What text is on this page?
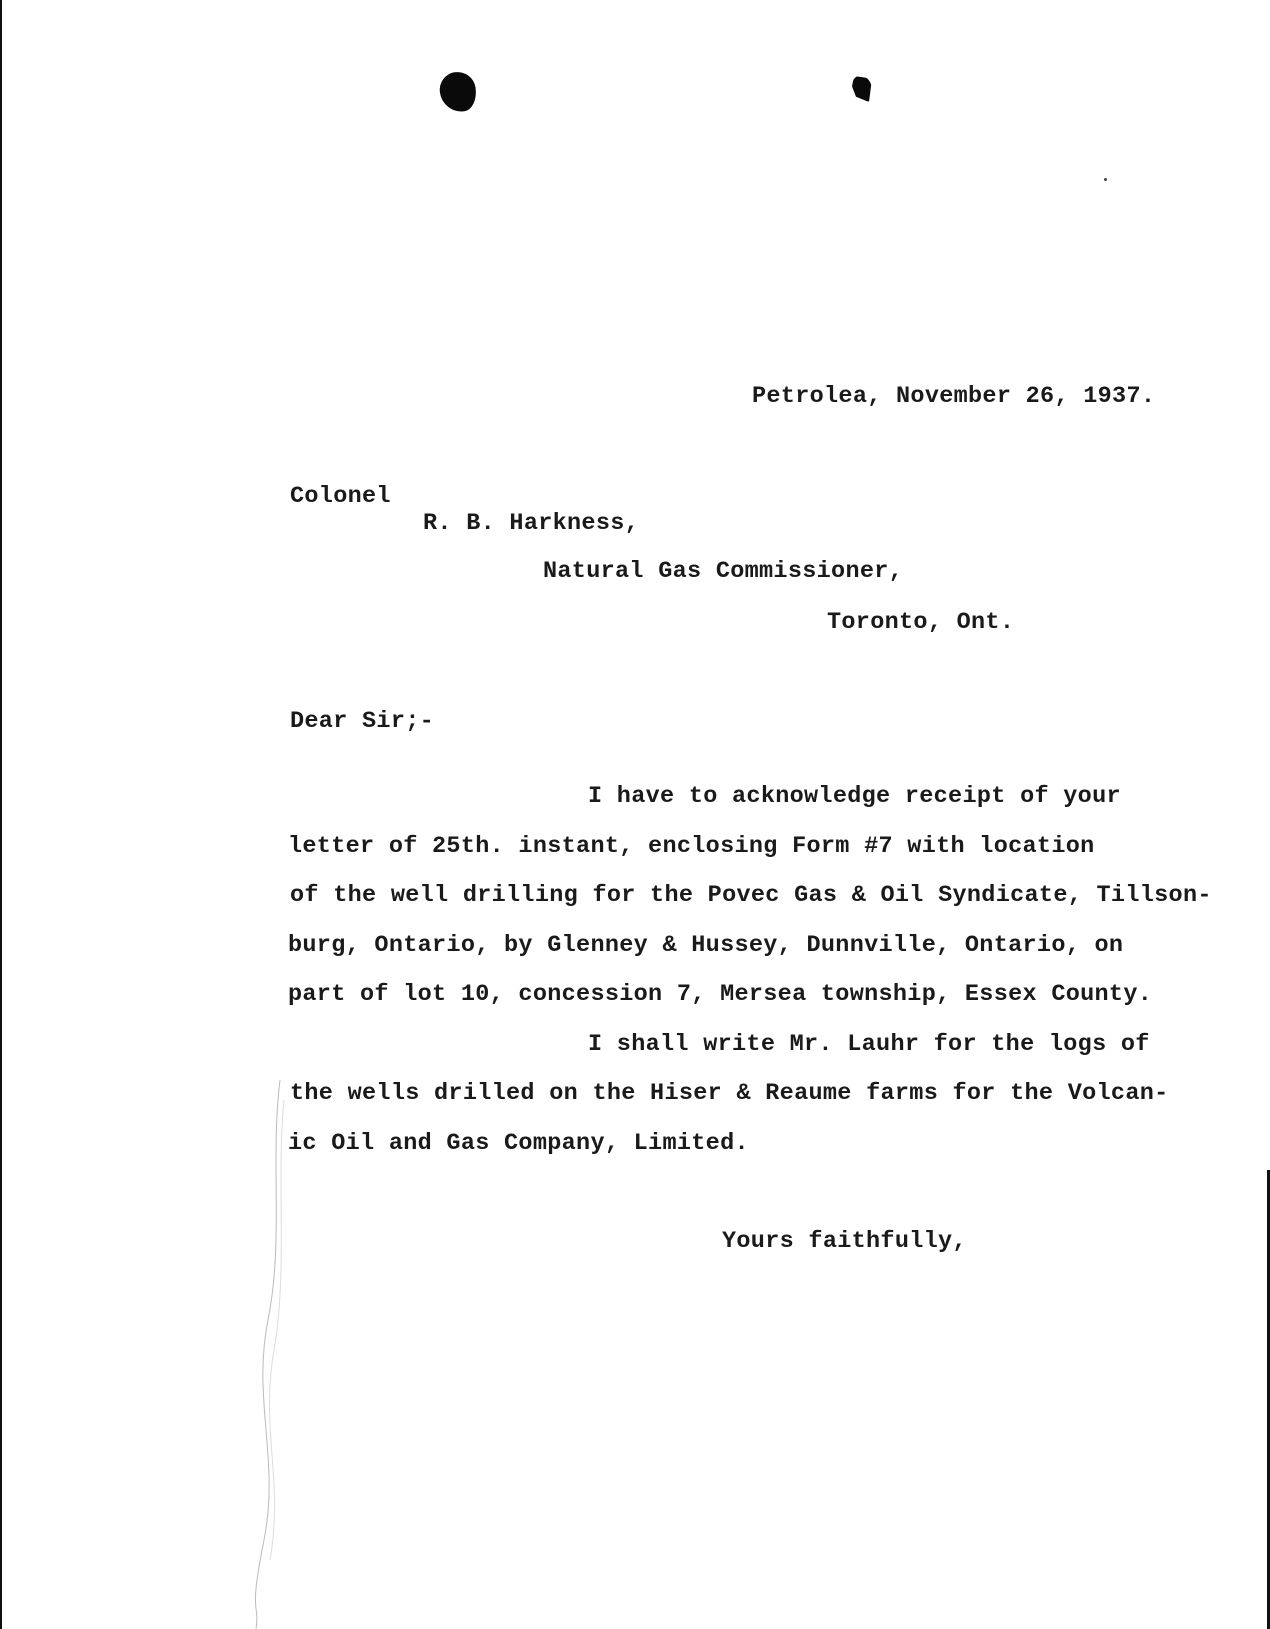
Petrolea, November 26, 1937.
Colonel
R. B. Harkness,
Natural Gas Commissioner,
Toronto, Ont.
Dear Sir;-
I have to acknowledge receipt of your
letter of 25th. instant, enclosing Form #7 with location
of the well drilling for the Povec Gas & Oil Syndicate, Tillson-
burg, Ontario, by Glenney & Hussey, Dunnville, Ontario, on
part of lot 10, concession 7, Mersea township, Essex County.
I shall write Mr. Lauhr for the logs of
the wells drilled on the Hiser & Reaume farms for the Volcan-
ic Oil and Gas Company, Limited.
Yours faithfully,
